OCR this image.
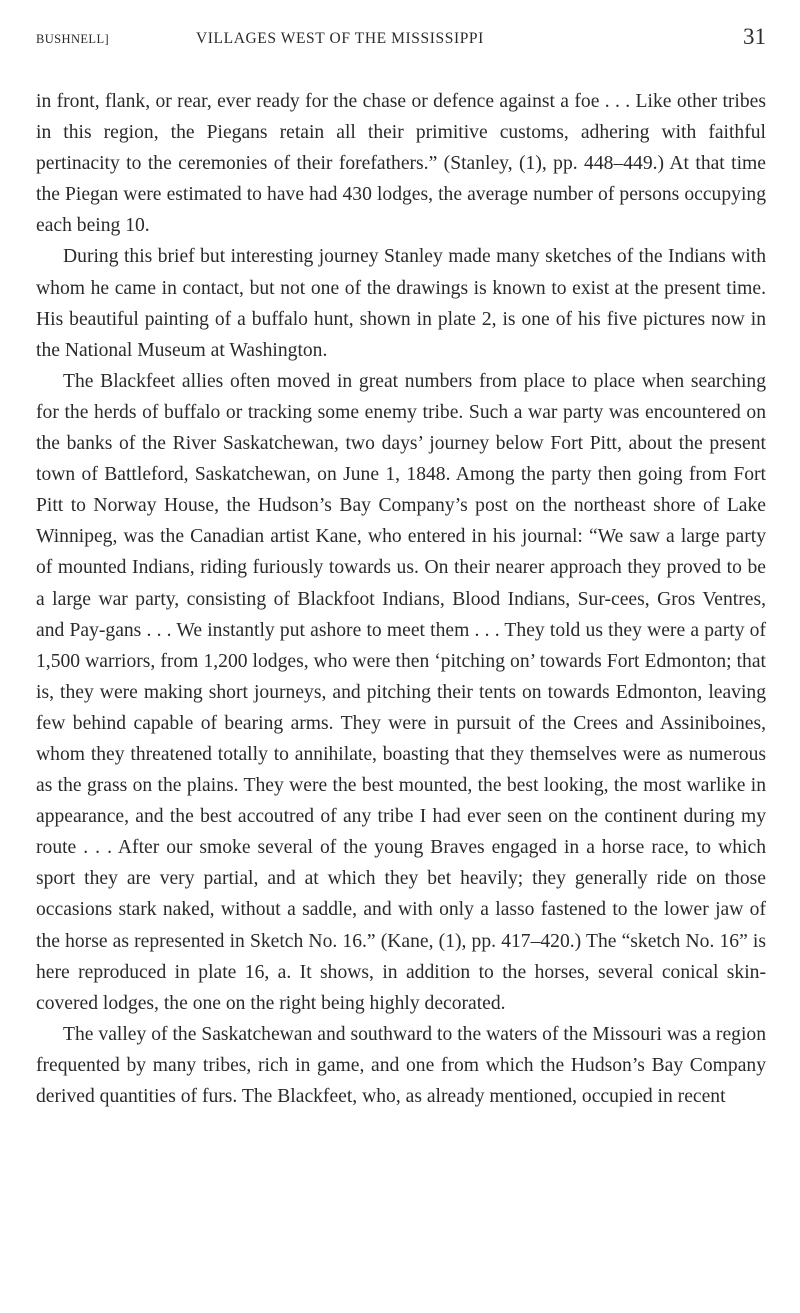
BUSHNELL]	VILLAGES WEST OF THE MISSISSIPPI	31

in front, flank, or rear, ever ready for the chase or defence against a foe . . . Like other tribes in this region, the Piegans retain all their primitive customs, adhering with faithful pertinacity to the ceremonies of their forefathers.” (Stanley, (1), pp. 448–449.) At that time the Piegan were estimated to have had 430 lodges, the average number of persons occupying each being 10.

During this brief but interesting journey Stanley made many sketches of the Indians with whom he came in contact, but not one of the drawings is known to exist at the present time. His beautiful painting of a buffalo hunt, shown in plate 2, is one of his five pictures now in the National Museum at Washington.

The Blackfeet allies often moved in great numbers from place to place when searching for the herds of buffalo or tracking some enemy tribe. Such a war party was encountered on the banks of the River Saskatchewan, two days’ journey below Fort Pitt, about the present town of Battleford, Saskatchewan, on June 1, 1848. Among the party then going from Fort Pitt to Norway House, the Hudson’s Bay Company’s post on the northeast shore of Lake Winnipeg, was the Canadian artist Kane, who entered in his journal: “We saw a large party of mounted Indians, riding furiously towards us. On their nearer approach they proved to be a large war party, consisting of Blackfoot Indians, Blood Indians, Sur-cees, Gros Ventres, and Pay-gans . . . We instantly put ashore to meet them . . . They told us they were a party of 1,500 warriors, from 1,200 lodges, who were then ‘pitching on’ towards Fort Edmonton; that is, they were making short journeys, and pitching their tents on towards Edmonton, leaving few behind capable of bearing arms. They were in pursuit of the Crees and Assiniboines, whom they threatened totally to annihilate, boasting that they themselves were as numerous as the grass on the plains. They were the best mounted, the best looking, the most warlike in appearance, and the best accoutred of any tribe I had ever seen on the continent during my route . . . After our smoke several of the young Braves engaged in a horse race, to which sport they are very partial, and at which they bet heavily; they generally ride on those occasions stark naked, without a saddle, and with only a lasso fastened to the lower jaw of the horse as represented in Sketch No. 16.” (Kane, (1), pp. 417–420.) The “sketch No. 16” is here reproduced in plate 16, a. It shows, in addition to the horses, several conical skin-covered lodges, the one on the right being highly decorated.

The valley of the Saskatchewan and southward to the waters of the Missouri was a region frequented by many tribes, rich in game, and one from which the Hudson’s Bay Company derived quantities of furs. The Blackfeet, who, as already mentioned, occupied in recent
